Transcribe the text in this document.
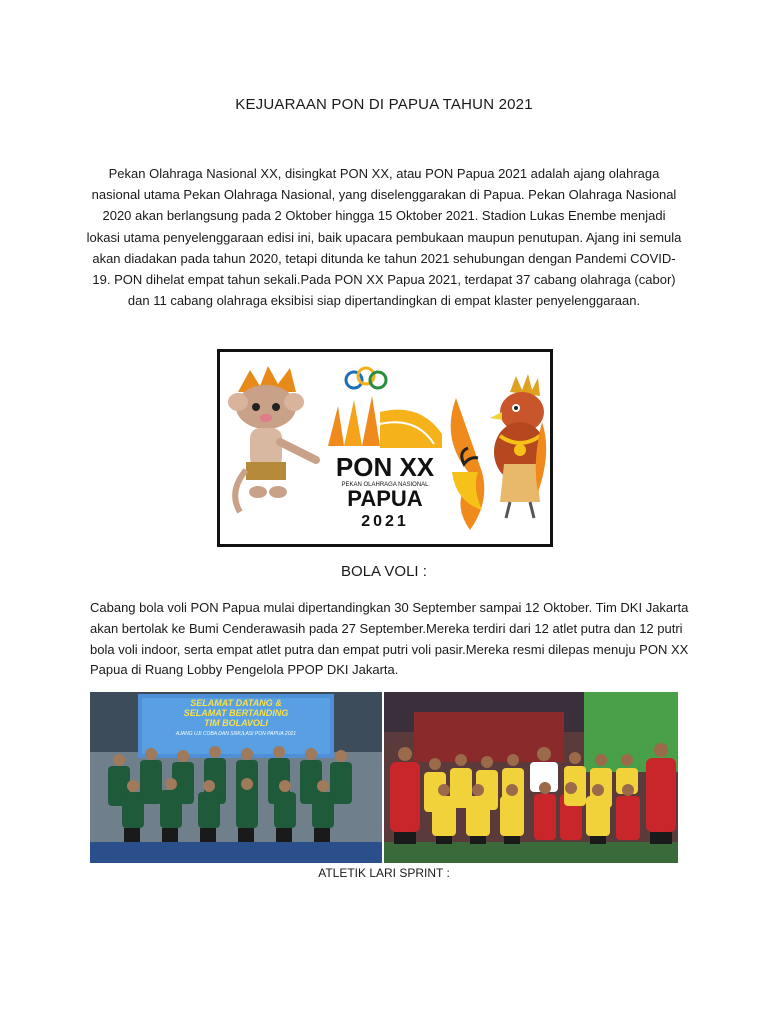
KEJUARAAN PON DI PAPUA TAHUN 2021
Pekan Olahraga Nasional XX, disingkat PON XX, atau PON Papua 2021 adalah ajang olahraga nasional utama Pekan Olahraga Nasional, yang diselenggarakan di Papua. Pekan Olahraga Nasional 2020 akan berlangsung pada 2 Oktober hingga 15 Oktober 2021. Stadion Lukas Enembe menjadi lokasi utama penyelenggaraan edisi ini, baik upacara pembukaan maupun penutupan. Ajang ini semula akan diadakan pada tahun 2020, tetapi ditunda ke tahun 2021 sehubungan dengan Pandemi COVID-19. PON dihelat empat tahun sekali.Pada PON XX Papua 2021, terdapat 37 cabang olahraga (cabor) dan 11 cabang olahraga eksibisi siap dipertandingkan di empat klaster penyelenggaraan.
PON XX
PEKAN OLAHRAGA NASIONAL
PAPUA
2021
BOLA VOLI :
Cabang bola voli PON Papua mulai dipertandingkan 30 September sampai 12 Oktober. Tim DKI Jakarta akan bertolak ke Bumi Cenderawasih pada 27 September.Mereka terdiri dari 12 atlet putra dan 12 putri bola voli indoor, serta empat atlet putra dan empat putri voli pasir.Mereka resmi dilepas menuju PON XX Papua di Ruang Lobby Pengelola PPOP DKI Jakarta.
SELAMAT DATANG &
SELAMAT BERTANDING
TIM BOLAVOLI
AJANG UJI COBA DAN SIMULASI PON PAPUA 2021
ATLETIK LARI SPRINT :
